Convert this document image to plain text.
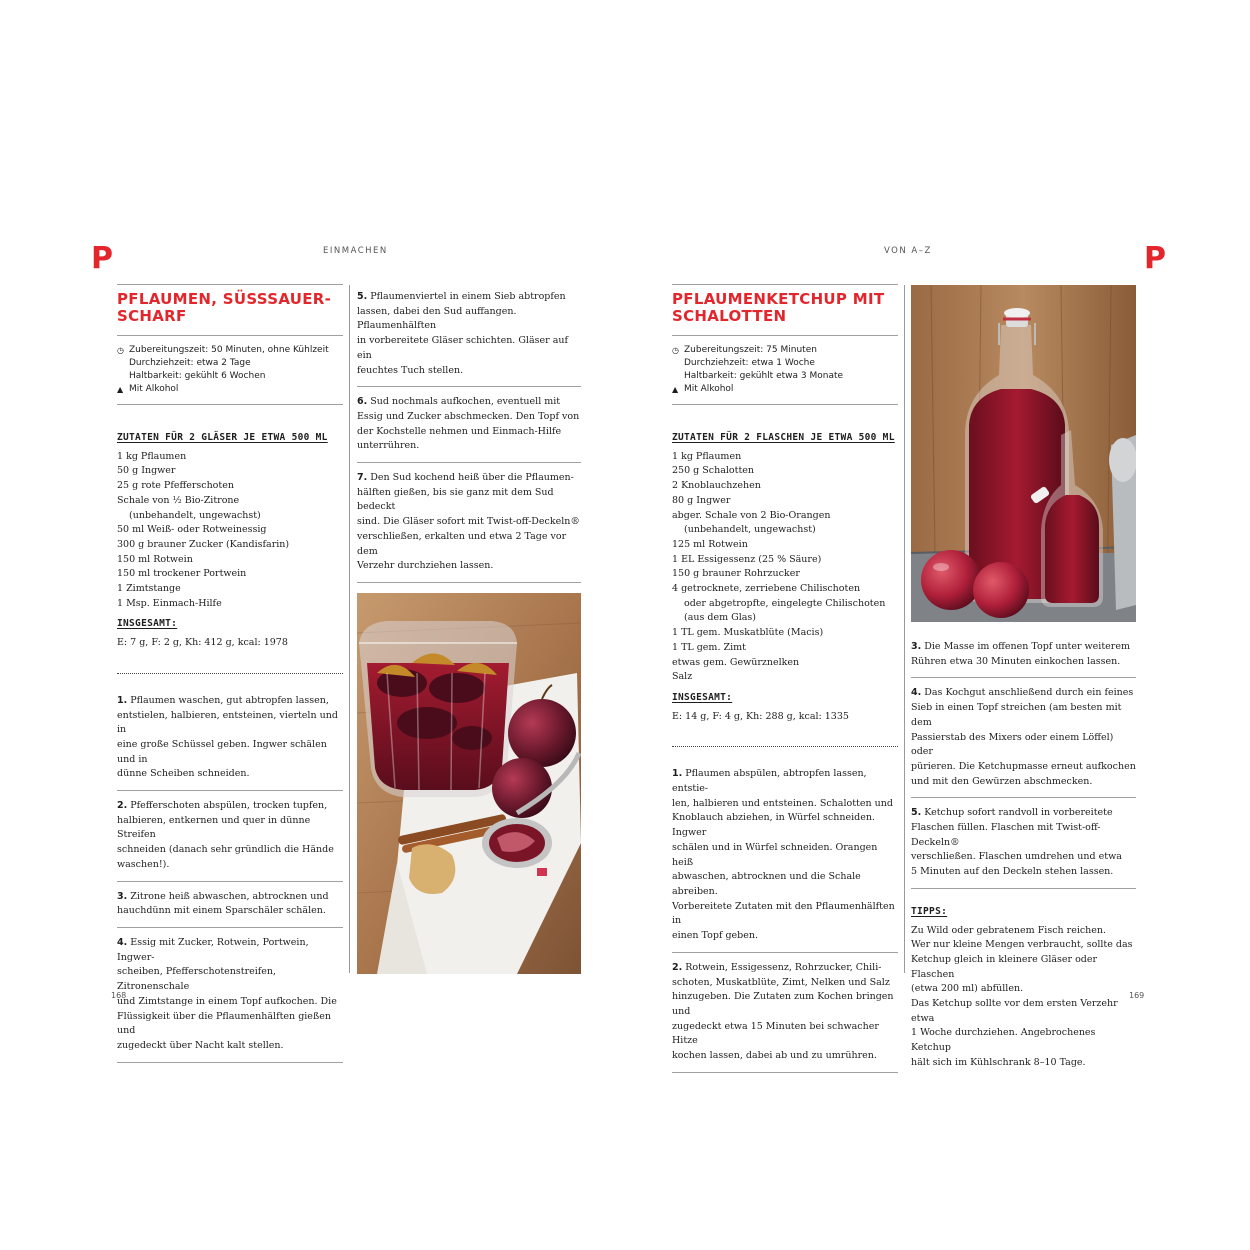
P	EINMACHEN
PFLAUMEN, SÜSSSAUER-
SCHARF
◷ Zubereitungszeit: 50 Minuten, ohne Kühlzeit
Durchziehzeit: etwa 2 Tage
Haltbarkeit: gekühlt 6 Wochen
▲ Mit Alkohol
ZUTATEN FÜR 2 GLÄSER JE ETWA 500 ML
1 kg Pflaumen
50 g Ingwer
25 g rote Pfefferschoten
Schale von ½ Bio-Zitrone
(unbehandelt, ungewachst)
50 ml Weiß- oder Rotweinessig
300 g brauner Zucker (Kandisfarin)
150 ml Rotwein
150 ml trockener Portwein
1 Zimtstange
1 Msp. Einmach-Hilfe
INSGESAMT:

E: 7 g, F: 2 g, Kh: 412 g, kcal: 1978

1. Pflaumen waschen, gut abtropfen lassen,
entstielen, halbieren, entsteinen, vierteln und in
eine große Schüssel geben. Ingwer schälen und in
dünne Scheiben schneiden.
2. Pfefferschoten abspülen, trocken tupfen,
halbieren, entkernen und quer in dünne Streifen
schneiden (danach sehr gründlich die Hände
waschen!).
3. Zitrone heiß abwaschen, abtrocknen und
hauchdünn mit einem Sparschäler schälen.
4. Essig mit Zucker, Rotwein, Portwein, Ingwer-
scheiben, Pfefferschotenstreifen, Zitronenschale
und Zimtstange in einem Topf aufkochen. Die
Flüssigkeit über die Pflaumenhälften gießen und
zugedeckt über Nacht kalt stellen.
5. Pflaumenviertel in einem Sieb abtropfen
lassen, dabei den Sud auffangen. Pflaumenhälften
in vorbereitete Gläser schichten. Gläser auf ein
feuchtes Tuch stellen.
6. Sud nochmals aufkochen, eventuell mit
Essig und Zucker abschmecken. Den Topf von
der Kochstelle nehmen und Einmach-Hilfe
unterrühren.
7. Den Sud kochend heiß über die Pflaumen-
hälften gießen, bis sie ganz mit dem Sud bedeckt
sind. Die Gläser sofort mit Twist-off-Deckeln®
verschließen, erkalten und etwa 2 Tage vor dem
Verzehr durchziehen lassen.

168
VON A–Z	P
PFLAUMENKETCHUP MIT
SCHALOTTEN
◷ Zubereitungszeit: 75 Minuten
Durchziehzeit: etwa 1 Woche
Haltbarkeit: gekühlt etwa 3 Monate
▲ Mit Alkohol
ZUTATEN FÜR 2 FLASCHEN JE ETWA 500 ML
1 kg Pflaumen
250 g Schalotten
2 Knoblauchzehen
80 g Ingwer
abger. Schale von 2 Bio-Orangen
(unbehandelt, ungewachst)
125 ml Rotwein
1 EL Essigessenz (25 % Säure)
150 g brauner Rohrzucker
4 getrocknete, zerriebene Chilischoten
oder abgetropfte, eingelegte Chilischoten
(aus dem Glas)
1 TL gem. Muskatblüte (Macis)
1 TL gem. Zimt
etwas gem. Gewürznelken
Salz
INSGESAMT:

E: 14 g, F: 4 g, Kh: 288 g, kcal: 1335

1. Pflaumen abspülen, abtropfen lassen, entstie-
len, halbieren und entsteinen. Schalotten und
Knoblauch abziehen, in Würfel schneiden. Ingwer
schälen und in Würfel schneiden. Orangen heiß
abwaschen, abtrocknen und die Schale abreiben.
Vorbereitete Zutaten mit den Pflaumenhälften in
einen Topf geben.
2. Rotwein, Essigessenz, Rohrzucker, Chili-
schoten, Muskatblüte, Zimt, Nelken und Salz
hinzugeben. Die Zutaten zum Kochen bringen und
zugedeckt etwa 15 Minuten bei schwacher Hitze
kochen lassen, dabei ab und zu umrühren.
3. Die Masse im offenen Topf unter weiterem
Rühren etwa 30 Minuten einkochen lassen.
4. Das Kochgut anschließend durch ein feines
Sieb in einen Topf streichen (am besten mit dem
Passierstab des Mixers oder einem Löffel) oder
pürieren. Die Ketchupmasse erneut aufkochen
und mit den Gewürzen abschmecken.
5. Ketchup sofort randvoll in vorbereitete
Flaschen füllen. Flaschen mit Twist-off-Deckeln®
verschließen. Flaschen umdrehen und etwa
5 Minuten auf den Deckeln stehen lassen.
TIPPS:

Zu Wild oder gebratenem Fisch reichen.
Wer nur kleine Mengen verbraucht, sollte das
Ketchup gleich in kleinere Gläser oder Flaschen
(etwa 200 ml) abfüllen.
Das Ketchup sollte vor dem ersten Verzehr etwa
1 Woche durchziehen. Angebrochenes Ketchup
hält sich im Kühlschrank 8–10 Tage.

169
